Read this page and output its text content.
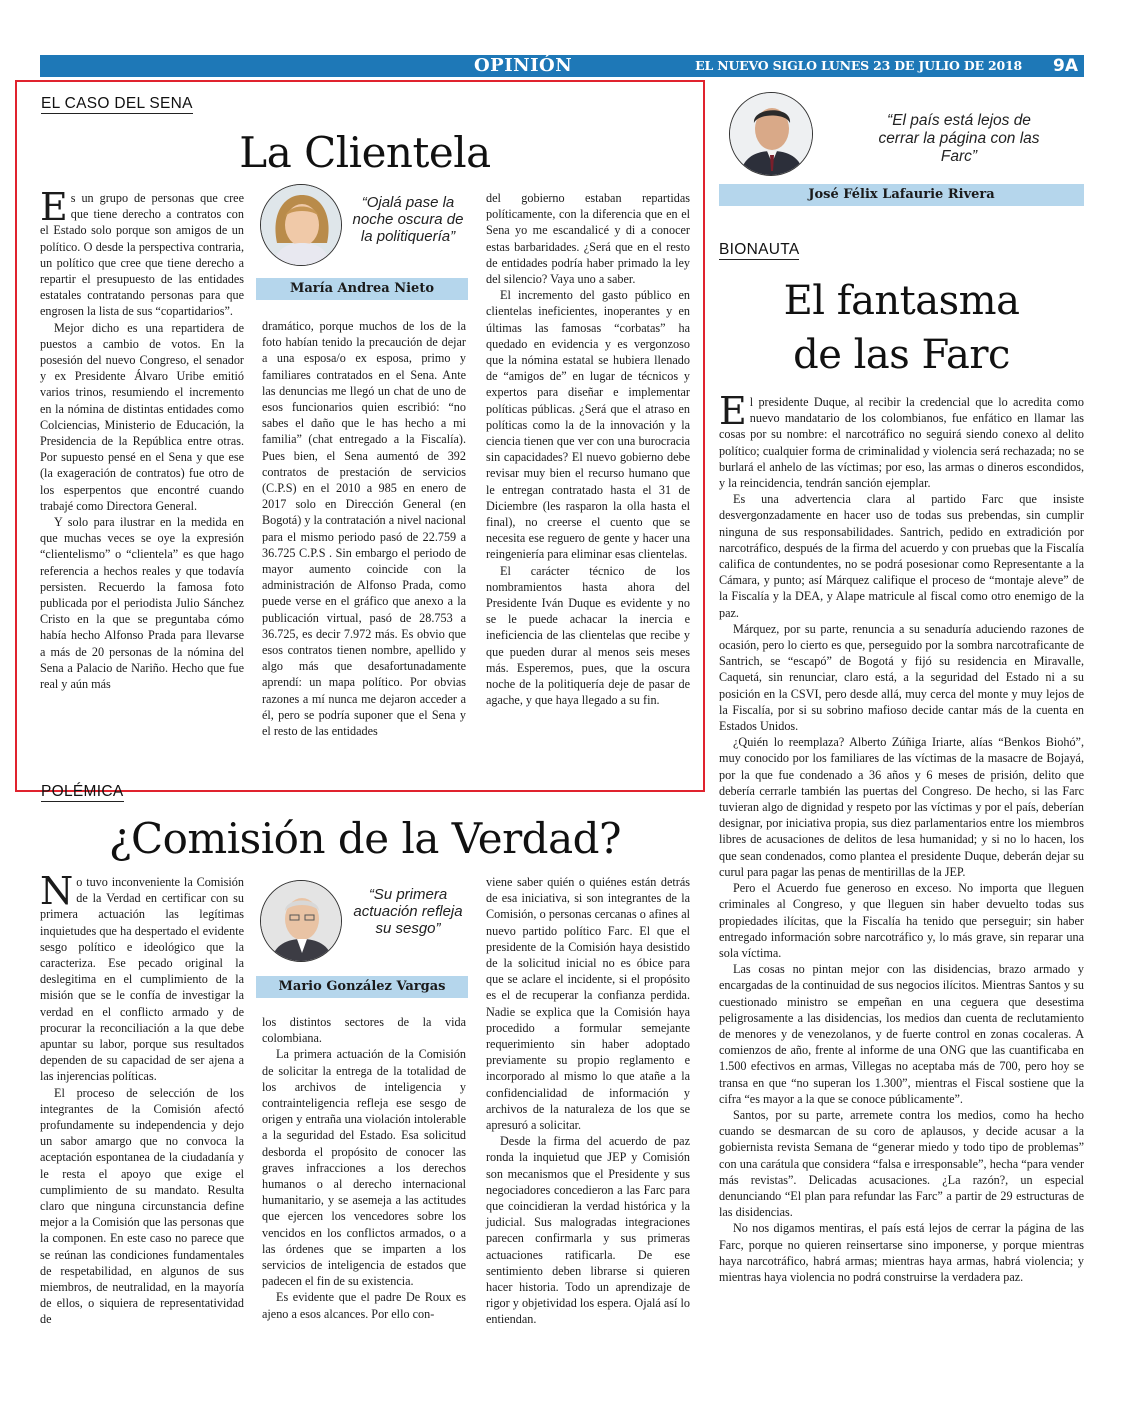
OPINIÓN	EL NUEVO SIGLO LUNES 23 DE JULIO DE 2018 9A
EL CASO DEL SENA
La Clientela

Es un grupo de personas que cree que tiene derecho a contratos con el Estado solo porque son amigos de un político. O desde la perspectiva contraria, un político que cree que tiene derecho a repartir el presupuesto de las entidades estatales contratando personas para que engrosen la lista de sus “copartidarios”.

Mejor dicho es una repartidera de puestos a cambio de votos. En la posesión del nuevo Congreso, el senador y ex Presidente Álvaro Uribe emitió varios trinos, resumiendo el incremento en la nómina de distintas entidades como Colciencias, Ministerio de Educación, la Presidencia de la República entre otras. Por supuesto pensé en el Sena y que ese (la exageración de contratos) fue otro de los esperpentos que encontré cuando trabajé como Directora General.

Y solo para ilustrar en la medida en que muchas veces se oye la expresión “clientelismo” o “clientela” es que hago referencia a hechos reales y que todavía persisten. Recuerdo la famosa foto publicada por el periodista Julio Sánchez Cristo en la que se preguntaba cómo había hecho Alfonso Prada para llevarse a más de 20 personas de la nómina del Sena a Palacio de Nariño. Hecho que fue real y aún más

“Ojalá pase la noche oscura de la politiquería”
María Andrea Nieto

dramático, porque muchos de los de la foto habían tenido la precaución de dejar a una esposa/o ex esposa, primo y familiares contratados en el Sena. Ante las denuncias me llegó un chat de uno de esos funcionarios quien escribió: “no sabes el daño que le has hecho a mi familia” (chat entregado a la Fiscalía). Pues bien, el Sena aumentó de 392 contratos de prestación de servicios (C.P.S) en el 2010 a 985 en enero de 2017 solo en Dirección General (en Bogotá) y la contratación a nivel nacional para el mismo periodo pasó de 22.759 a 36.725 C.P.S . Sin embargo el periodo de mayor aumento coincide con la administración de Alfonso Prada, como puede verse en el gráfico que anexo a la publicación virtual, pasó de 28.753 a 36.725, es decir 7.972 más. Es obvio que esos contratos tienen nombre, apellido y algo más que desafortunadamente aprendí: un mapa político. Por obvias razones a mí nunca me dejaron acceder a él, pero se podría suponer que el Sena y el resto de las entidades

del gobierno estaban repartidas políticamente, con la diferencia que en el Sena yo me escandalicé y di a conocer estas barbaridades. ¿Será que en el resto de entidades podría haber primado la ley del silencio? Vaya uno a saber.

El incremento del gasto público en clientelas ineficientes, inoperantes y en últimas las famosas “corbatas” ha quedado en evidencia y es vergonzoso que la nómina estatal se hubiera llenado de “amigos de” en lugar de técnicos y expertos para diseñar e implementar políticas públicas. ¿Será que el atraso en políticas como la de la innovación y la ciencia tienen que ver con una burocracia sin capacidades? El nuevo gobierno debe revisar muy bien el recurso humano que le entregan contratado hasta el 31 de Diciembre (les rasparon la olla hasta el final), no creerse el cuento que se necesita ese reguero de gente y hacer una reingeniería para eliminar esas clientelas.

El carácter técnico de los nombramientos hasta ahora del Presidente Iván Duque es evidente y no se le puede achacar la inercia e ineficiencia de las clientelas que recibe y que pueden durar al menos seis meses más. Esperemos, pues, que la oscura noche de la politiquería deje de pasar de agache, y que haya llegado a su fin.

POLÉMICA
¿Comisión de la Verdad?

No tuvo inconveniente la Comisión de la Verdad en certificar con su primera actuación las legítimas inquietudes que ha despertado el evidente sesgo político e ideológico que la caracteriza. Ese pecado original la deslegitima en el cumplimiento de la misión que se le confía de investigar la verdad en el conflicto armado y de procurar la reconciliación a la que debe apuntar su labor, porque sus resultados dependen de su capacidad de ser ajena a las injerencias políticas.

El proceso de selección de los integrantes de la Comisión afectó profundamente su independencia y dejo un sabor amargo que no convoca la aceptación espontanea de la ciudadanía y le resta el apoyo que exige el cumplimiento de su mandato. Resulta claro que ninguna circunstancia define mejor a la Comisión que las personas que la componen. En este caso no parece que se reúnan las condiciones fundamentales de respetabilidad, en algunos de sus miembros, de neutralidad, en la mayoría de ellos, o siquiera de representatividad de

“Su primera actuación refleja su sesgo”
Mario González Vargas

los distintos sectores de la vida colombiana.

La primera actuación de la Comisión de solicitar la entrega de la totalidad de los archivos de inteligencia y contrainteligencia refleja ese sesgo de origen y entraña una violación intolerable a la seguridad del Estado. Esa solicitud desborda el propósito de conocer las graves infracciones a los derechos humanos o al derecho internacional humanitario, y se asemeja a las actitudes que ejercen los vencedores sobre los vencidos en los conflictos armados, o a las órdenes que se imparten a los servicios de inteligencia de estados que padecen el fin de su existencia.

Es evidente que el padre De Roux es ajeno a esos alcances. Por ello con-

viene saber quién o quiénes están detrás de esa iniciativa, si son integrantes de la Comisión, o personas cercanas o afines al nuevo partido político Farc. El que el presidente de la Comisión haya desistido de la solicitud inicial no es óbice para que se aclare el incidente, si el propósito es el de recuperar la confianza perdida. Nadie se explica que la Comisión haya procedido a formular semejante requerimiento sin haber adoptado previamente su propio reglamento e incorporado al mismo lo que atañe a la confidencialidad de información y archivos de la naturaleza de los que se apresuró a solicitar.

Desde la firma del acuerdo de paz ronda la inquietud que JEP y Comisión son mecanismos que el Presidente y sus negociadores concedieron a las Farc para que coincidieran la verdad histórica y la judicial. Sus malogradas integraciones parecen confirmarla y sus primeras actuaciones ratificarla. De ese sentimiento deben librarse si quieren hacer historia. Todo un aprendizaje de rigor y objetividad los espera. Ojalá así lo entiendan.

“El país está lejos de cerrar la página con las Farc”
José Félix Lafaurie Rivera
BIONAUTA
El fantasma
de las Farc

El presidente Duque, al recibir la credencial que lo acredita como nuevo mandatario de los colombianos, fue enfático en llamar las cosas por su nombre: el narcotráfico no seguirá siendo conexo al delito político; cualquier forma de criminalidad y violencia será rechazada; no se burlará el anhelo de las víctimas; por eso, las armas o dineros escondidos, y la reincidencia, tendrán sanción ejemplar.

Es una advertencia clara al partido Farc que insiste desvergonzadamente en hacer uso de todas sus prebendas, sin cumplir ninguna de sus responsabilidades. Santrich, pedido en extradición por narcotráfico, después de la firma del acuerdo y con pruebas que la Fiscalía califica de contundentes, no se podrá posesionar como Representante a la Cámara, y punto; así Márquez califique el proceso de “montaje aleve” de la Fiscalía y la DEA, y Alape matricule al fiscal como otro enemigo de la paz.

Márquez, por su parte, renuncia a su senaduría aduciendo razones de ocasión, pero lo cierto es que, perseguido por la sombra narcotraficante de Santrich, se “escapó” de Bogotá y fijó su residencia en Miravalle, Caquetá, sin renunciar, claro está, a la seguridad del Estado ni a su posición en la CSVI, pero desde allá, muy cerca del monte y muy lejos de la Fiscalía, por si su sobrino mafioso decide cantar más de la cuenta en Estados Unidos.

¿Quién lo reemplaza? Alberto Zúñiga Iriarte, alías “Benkos Biohó”, muy conocido por los familiares de las víctimas de la masacre de Bojayá, por la que fue condenado a 36 años y 6 meses de prisión, delito que debería cerrarle también las puertas del Congreso. De hecho, si las Farc tuvieran algo de dignidad y respeto por las víctimas y por el país, deberían designar, por iniciativa propia, sus diez parlamentarios entre los miembros libres de acusaciones de delitos de lesa humanidad; y si no lo hacen, los que sean condenados, como plantea el presidente Duque, deberán dejar su curul para pagar las penas de mentirillas de la JEP.

Pero el Acuerdo fue generoso en exceso. No importa que lleguen criminales al Congreso, y que lleguen sin haber devuelto todas sus propiedades ilícitas, que la Fiscalía ha tenido que perseguir; sin haber entregado información sobre narcotráfico y, lo más grave, sin reparar una sola víctima.

Las cosas no pintan mejor con las disidencias, brazo armado y encargadas de la continuidad de sus negocios ilícitos. Mientras Santos y su cuestionado ministro se empeñan en una ceguera que desestima peligrosamente a las disidencias, los medios dan cuenta de reclutamiento de menores y de venezolanos, y de fuerte control en zonas cocaleras. A comienzos de año, frente al informe de una ONG que las cuantificaba en 1.500 efectivos en armas, Villegas no aceptaba más de 700, pero hoy se transa en que “no superan los 1.300”, mientras el Fiscal sostiene que la cifra “es mayor a la que se conoce públicamente”.

Santos, por su parte, arremete contra los medios, como ha hecho cuando se desmarcan de su coro de aplausos, y decide acusar a la gobiernista revista Semana de “generar miedo y todo tipo de problemas” con una carátula que considera “falsa e irresponsable”, hecha “para vender más revistas”. Delicadas acusaciones. ¿La razón?, un especial denunciando “El plan para refundar las Farc” a partir de 29 estructuras de las disidencias.

No nos digamos mentiras, el país está lejos de cerrar la página de las Farc, porque no quieren reinsertarse sino imponerse, y porque mientras haya narcotráfico, habrá armas; mientras haya armas, habrá violencia; y mientras haya violencia no podrá construirse la verdadera paz.
